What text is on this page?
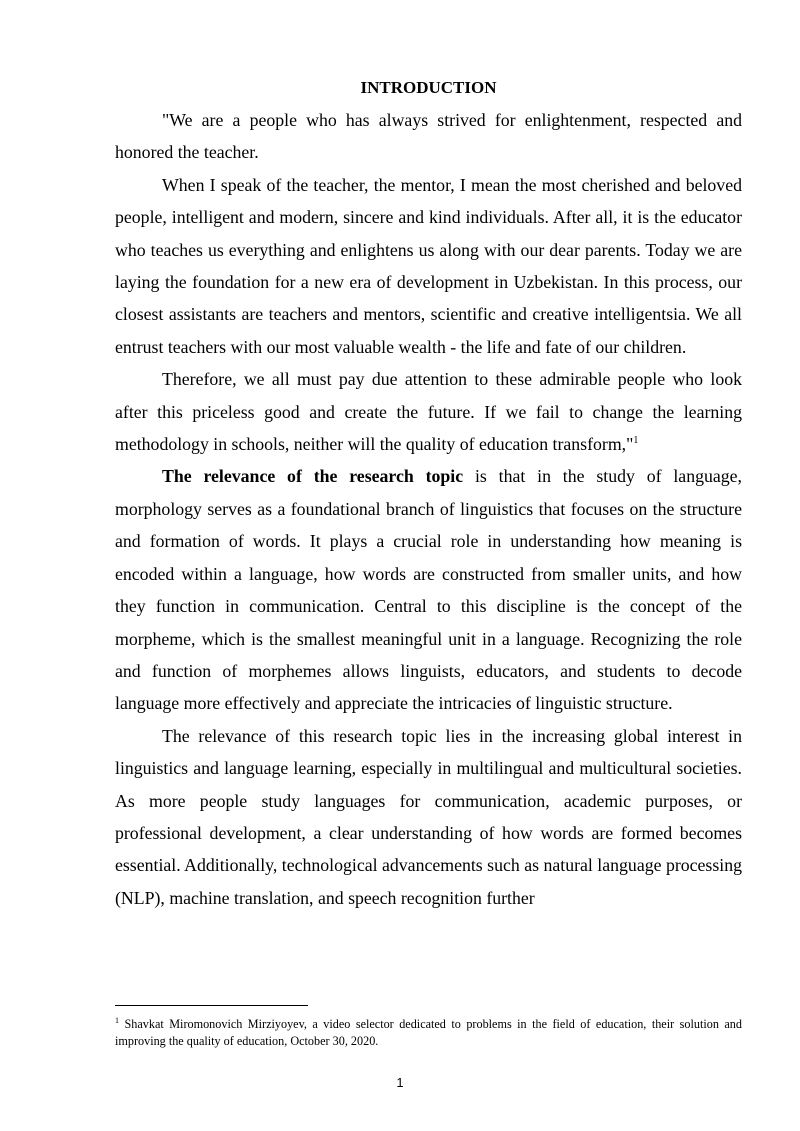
INTRODUCTION

"We are a people who has always strived for enlightenment, respected and honored the teacher.

When I speak of the teacher, the mentor, I mean the most cherished and beloved people, intelligent and modern, sincere and kind individuals. After all, it is the educator who teaches us everything and enlightens us along with our dear parents. Today we are laying the foundation for a new era of development in Uzbekistan. In this process, our closest assistants are teachers and mentors, scientific and creative intelligentsia. We all entrust teachers with our most valuable wealth - the life and fate of our children.

Therefore, we all must pay due attention to these admirable people who look after this priceless good and create the future. If we fail to change the learning methodology in schools, neither will the quality of education transform,"$^1$

The relevance of the research topic is that in the study of language, morphology serves as a foundational branch of linguistics that focuses on the structure and formation of words. It plays a crucial role in understanding how meaning is encoded within a language, how words are constructed from smaller units, and how they function in communication. Central to this discipline is the concept of the morpheme, which is the smallest meaningful unit in a language. Recognizing the role and function of morphemes allows linguists, educators, and students to decode language more effectively and appreciate the intricacies of linguistic structure.

The relevance of this research topic lies in the increasing global interest in linguistics and language learning, especially in multilingual and multicultural societies. As more people study languages for communication, academic purposes, or professional development, a clear understanding of how words are formed becomes essential. Additionally, technological advancements such as natural language processing (NLP), machine translation, and speech recognition further

$^1$ Shavkat Miromonovich Mirziyoyev, a video selector dedicated to problems in the field of education, their solution and improving the quality of education, October 30, 2020.
1
